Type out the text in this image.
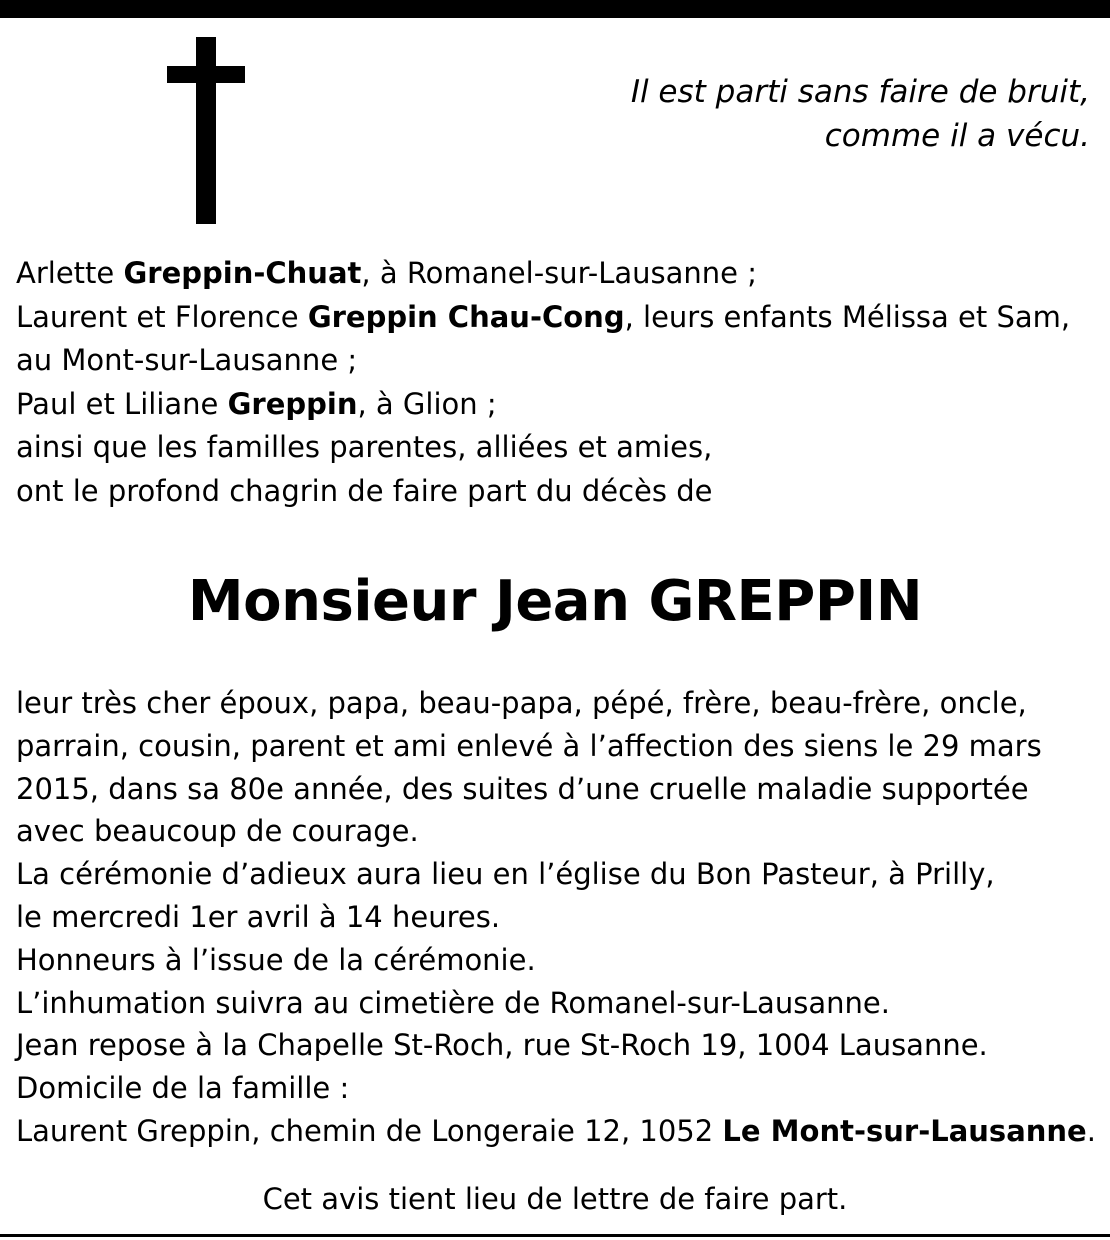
Il est parti sans faire de bruit,
comme il a vécu.

Arlette Greppin-Chuat, à Romanel-sur-Lausanne ;
Laurent et Florence Greppin Chau-Cong, leurs enfants Mélissa et Sam,
au Mont-sur-Lausanne ;
Paul et Liliane Greppin, à Glion ;
ainsi que les familles parentes, alliées et amies,
ont le profond chagrin de faire part du décès de
Monsieur Jean GREPPIN
leur très cher époux, papa, beau-papa, pépé, frère, beau-frère, oncle,
parrain, cousin, parent et ami enlevé à l’affection des siens le 29 mars
2015, dans sa 80e année, des suites d’une cruelle maladie supportée
avec beaucoup de courage.
La cérémonie d’adieux aura lieu en l’église du Bon Pasteur, à Prilly,
le mercredi 1er avril à 14 heures.
Honneurs à l’issue de la cérémonie.
L’inhumation suivra au cimetière de Romanel-sur-Lausanne.
Jean repose à la Chapelle St-Roch, rue St-Roch 19, 1004 Lausanne.
Domicile de la famille :
Laurent Greppin, chemin de Longeraie 12, 1052 Le Mont-sur-Lausanne.

Cet avis tient lieu de lettre de faire part.
